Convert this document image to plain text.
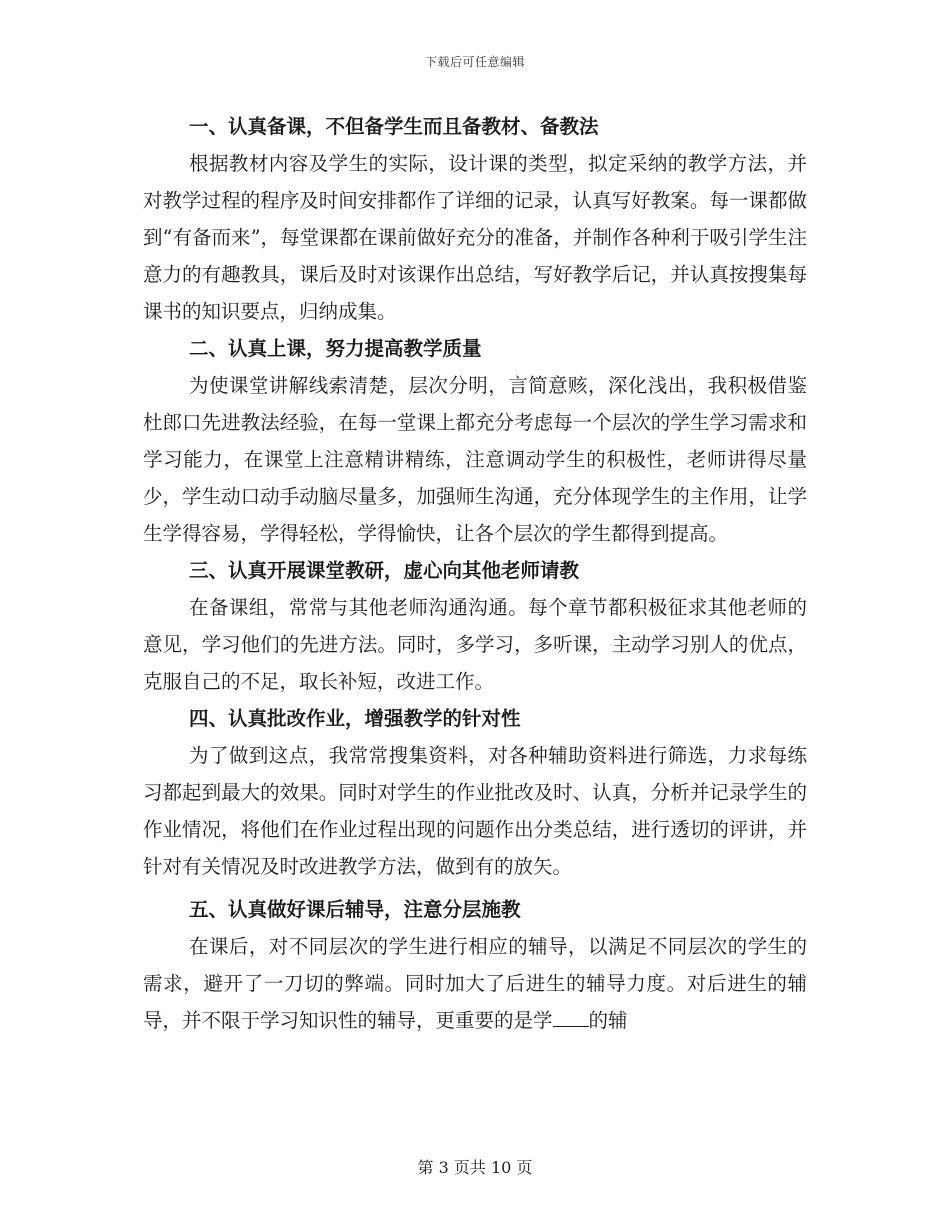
下载后可任意编辑
一、认真备课，不但备学生而且备教材、备教法

根据教材内容及学生的实际，设计课的类型，拟定采纳的教学方法，并对教学过程的程序及时间安排都作了详细的记录，认真写好教案。每一课都做到“有备而来”，每堂课都在课前做好充分的准备，并制作各种利于吸引学生注意力的有趣教具，课后及时对该课作出总结，写好教学后记，并认真按搜集每课书的知识要点，归纳成集。

二、认真上课，努力提高教学质量

为使课堂讲解线索清楚，层次分明，言简意赅，深化浅出，我积极借鉴杜郎口先进教法经验，在每一堂课上都充分考虑每一个层次的学生学习需求和学习能力，在课堂上注意精讲精练，注意调动学生的积极性，老师讲得尽量少，学生动口动手动脑尽量多，加强师生沟通，充分体现学生的主作用，让学生学得容易，学得轻松，学得愉快，让各个层次的学生都得到提高。

三、认真开展课堂教研，虚心向其他老师请教

在备课组，常常与其他老师沟通沟通。每个章节都积极征求其他老师的意见，学习他们的先进方法。同时，多学习，多听课，主动学习别人的优点，克服自己的不足，取长补短，改进工作。

四、认真批改作业，增强教学的针对性

为了做到这点，我常常搜集资料，对各种辅助资料进行筛选，力求每练习都起到最大的效果。同时对学生的作业批改及时、认真，分析并记录学生的作业情况，将他们在作业过程出现的问题作出分类总结，进行透切的评讲，并针对有关情况及时改进教学方法，做到有的放矢。

五、认真做好课后辅导，注意分层施教

在课后，对不同层次的学生进行相应的辅导，以满足不同层次的学生的需求，避开了一刀切的弊端。同时加大了后进生的辅导力度。对后进生的辅导，并不限于学习知识性的辅导，更重要的是学 的辅

第 3 页共 10 页
